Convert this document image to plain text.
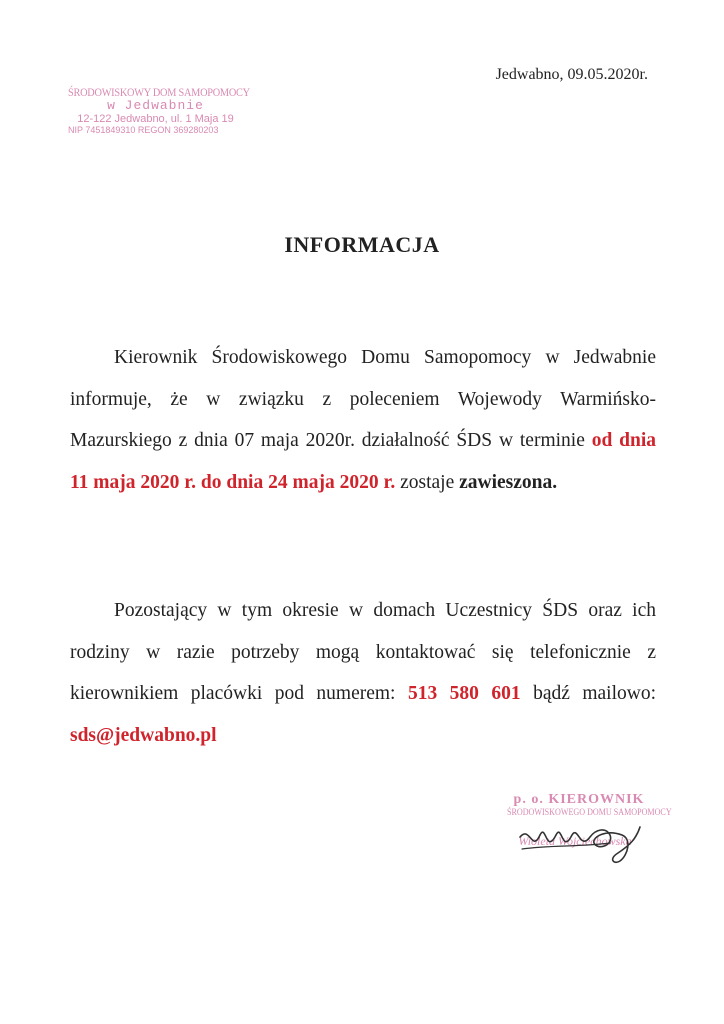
ŚRODOWISKOWY DOM SAMOPOMOCY
w Jedwabnie
12-122 Jedwabno, ul. 1 Maja 19
NIP 7451849310 REGON 369280203
Jedwabno, 09.05.2020r.
INFORMACJA
Kierownik Środowiskowego Domu Samopomocy w Jedwabnie informuje, że w związku z poleceniem Wojewody Warmińsko-Mazurskiego z dnia 07 maja 2020r. działalność ŚDS w terminie od dnia 11 maja 2020 r. do dnia 24 maja 2020 r. zostaje zawieszona.
Pozostający w tym okresie w domach Uczestnicy ŚDS oraz ich rodziny w razie potrzeby mogą kontaktować się telefonicznie z kierownikiem placówki pod numerem: 513 580 601 bądź mailowo: sds@jedwabno.pl
p. o. KIEROWNIK
ŚRODOWISKOWEGO DOMU SAMOPOMOCY
Wioleta Wojciechowska
